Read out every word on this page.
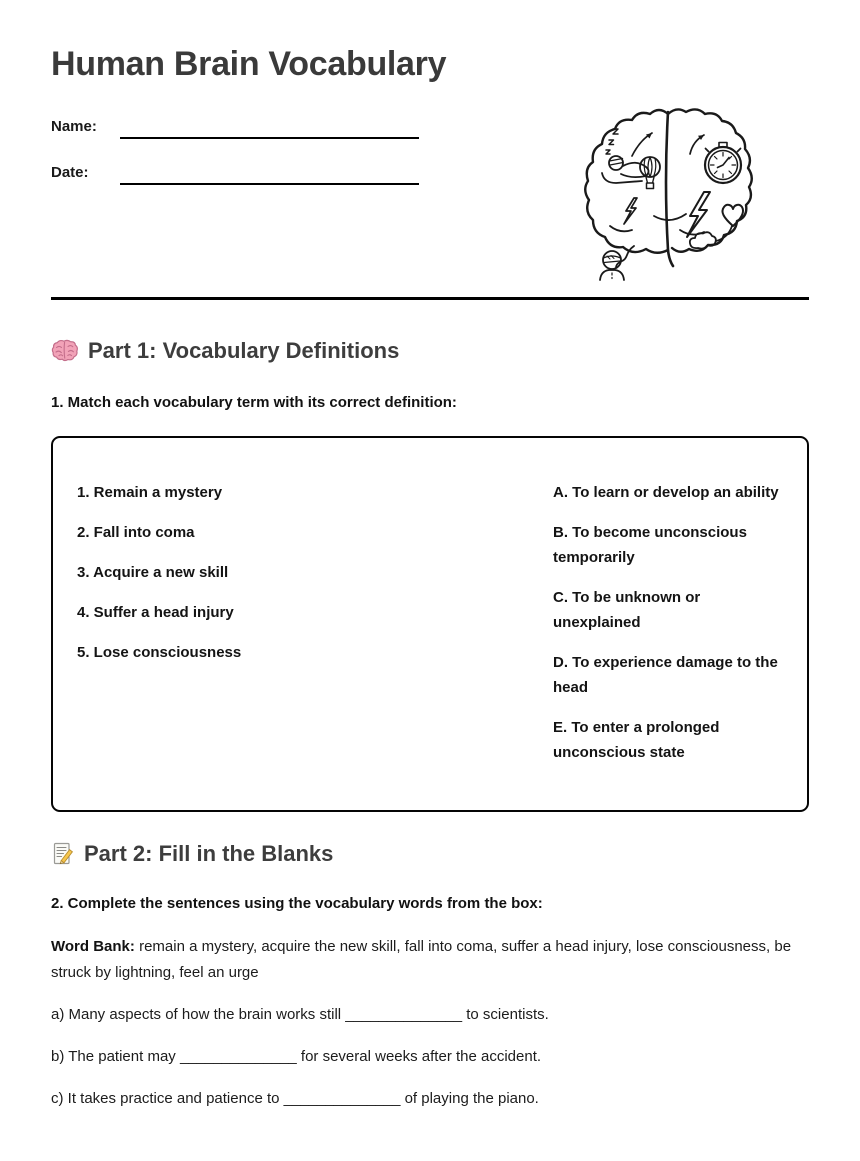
Human Brain Vocabulary
Name:
Date:
Part 1: Vocabulary Definitions

1. Match each vocabulary term with its correct definition:

1. Remain a mystery
2. Fall into coma
3. Acquire a new skill
4. Suffer a head injury
5. Lose consciousness
A. To learn or develop an ability
B. To become unconscious temporarily
C. To be unknown or unexplained
D. To experience damage to the head
E. To enter a prolonged unconscious state
Part 2: Fill in the Blanks

2. Complete the sentences using the vocabulary words from the box:

Word Bank: remain a mystery, acquire the new skill, fall into coma, suffer a head injury, lose consciousness, be struck by lightning, feel an urge

a) Many aspects of how the brain works still ______________ to scientists.

b) The patient may ______________ for several weeks after the accident.

c) It takes practice and patience to ______________ of playing the piano.
